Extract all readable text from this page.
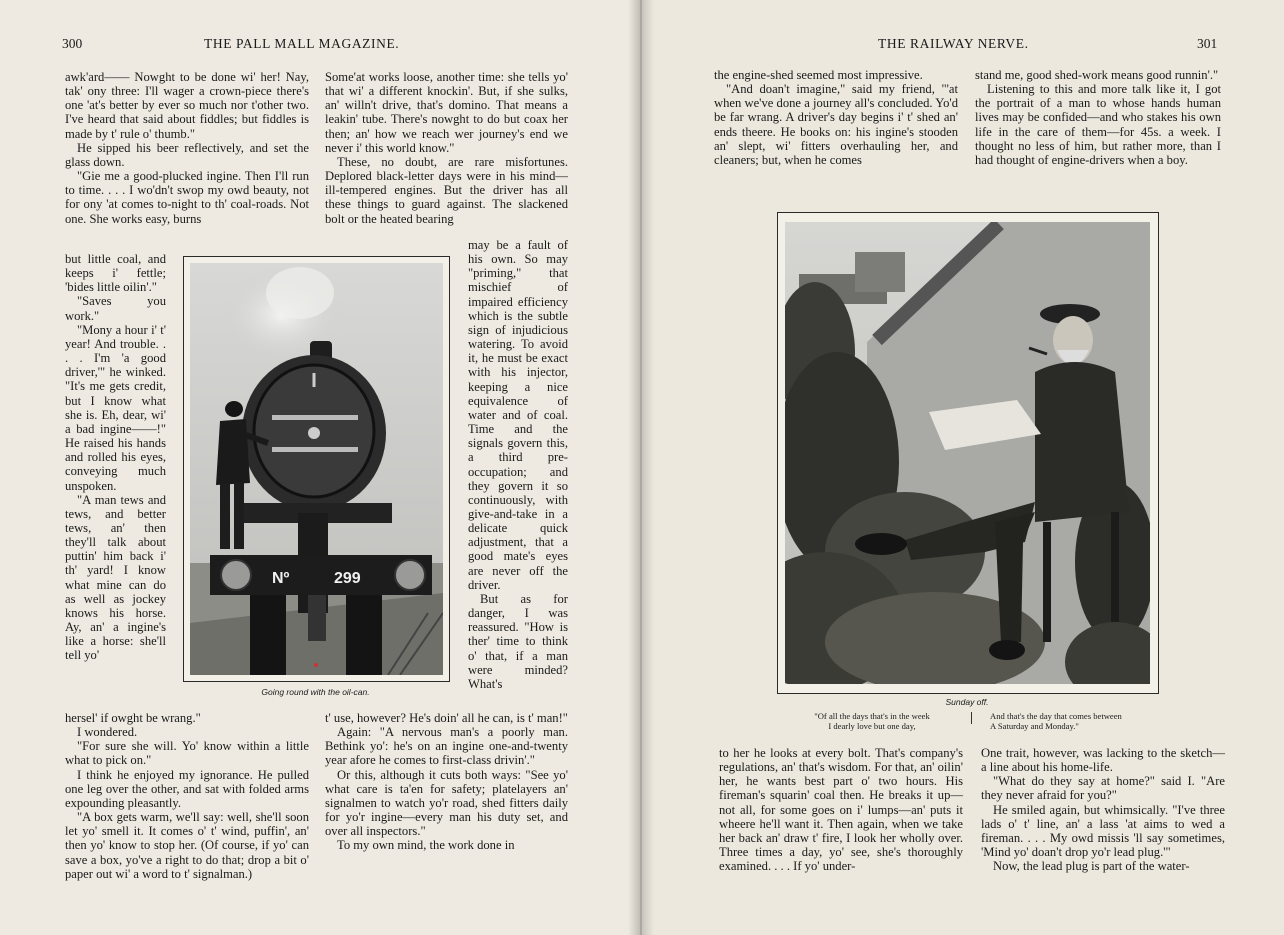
300	THE PALL MALL MAGAZINE.

awk'ard—— Nowght to be done wi' her! Nay, tak' ony three: I'll wager a crown-piece there's one 'at's better by ever so much nor t'other two. I've heard that said about fiddles; but fiddles is made by t' rule o' thumb."

He sipped his beer reflectively, and set the glass down.

"Gie me a good-plucked ingine. Then I'll run to time. . . . I wo'dn't swop my owd beauty, not for ony 'at comes to-night to th' coal-roads. Not one. She works easy, burns

but little coal, and keeps i' fettle; 'bides little oilin'."

"Saves you work."

"Mony a hour i' t' year! And trouble. . . . I'm 'a good driver,'" he winked. "It's me gets credit, but I know what she is. Eh, dear, wi' a bad ingine——!" He raised his hands and rolled his eyes, conveying much unspoken.

"A man tews and tews, and better tews, an' then they'll talk about puttin' him back i' th' yard! I know what mine can do as well as jockey knows his horse. Ay, an' a ingine's like a horse: she'll tell yo'

hersel' if owght be wrang."

I wondered.

"For sure she will. Yo' know within a little what to pick on."

I think he enjoyed my ignorance. He pulled one leg over the other, and sat with folded arms expounding pleasantly.

"A box gets warm, we'll say: well, she'll soon let yo' smell it. It comes o' t' wind, puffin', an' then yo' know to stop her. (Of course, if yo' can save a box, yo've a right to do that; drop a bit o' paper out wi' a word to t' signalman.)

Some'at works loose, another time: she tells yo' that wi' a different knockin'. But, if she sulks, an' willn't drive, that's domino. That means a leakin' tube. There's nowght to do but coax her then; an' how we reach wer journey's end we never i' this world know."

These, no doubt, are rare misfortunes. Deplored black-letter days were in his mind—ill-tempered engines. But the driver has all these things to guard against. The slackened bolt or the heated bearing

may be a fault of his own. So may "priming," that mischief of impaired efficiency which is the subtle sign of injudicious watering. To avoid it, he must be exact with his injector, keeping a nice equivalence of water and of coal. Time and the signals govern this, a third pre-occupation; and they govern it so continuously, with give-and-take in a delicate quick adjustment, that a good mate's eyes are never off the driver.

But as for danger, I was reassured. "How is ther' time to think o' that, if a man were minded? What's

t' use, however? He's doin' all he can, is t' man!"

Again: "A nervous man's a poorly man. Bethink yo': he's on an ingine one-and-twenty year afore he comes to first-class drivin'."

Or this, although it cuts both ways: "See yo' what care is ta'en for safety; platelayers an' signalmen to watch yo'r road, shed fitters daily for yo'r ingine—every man his duty set, and over all inspectors."

To my own mind, the work done in

Nº	299
Going round with the oil-can.
THE RAILWAY NERVE.	301

the engine-shed seemed most impressive.

"And doan't imagine," said my friend, "'at when we've done a journey all's concluded. Yo'd be far wrang. A driver's day begins i' t' shed an' ends theere. He books on: his ingine's stooden an' slept, wi' fitters overhauling her, and cleaners; but, when he comes

stand me, good shed-work means good runnin'."

Listening to this and more talk like it, I got the portrait of a man to whose hands human lives may be confided—and who stakes his own life in the care of them—for 45s. a week. I thought no less of him, but rather more, than I had thought of engine-drivers when a boy.

Sunday off.
"Of all the days that's in the week
I dearly love but one day,
And that's the day that comes between
A Saturday and Monday."

to her he looks at every bolt. That's company's regulations, an' that's wisdom. For that, an' oilin' her, he wants best part o' two hours. His fireman's squarin' coal then. He breaks it up—not all, for some goes on i' lumps—an' puts it wheere he'll want it. Then again, when we take her back an' draw t' fire, I look her wholly over. Three times a day, yo' see, she's thoroughly examined. . . . If yo' under-

One trait, however, was lacking to the sketch—a line about his home-life.

"What do they say at home?" said I. "Are they never afraid for you?"

He smiled again, but whimsically. "I've three lads o' t' line, an' a lass 'at aims to wed a fireman. . . . My owd missis 'll say sometimes, 'Mind yo' doan't drop yo'r lead plug.'"

Now, the lead plug is part of the water-
